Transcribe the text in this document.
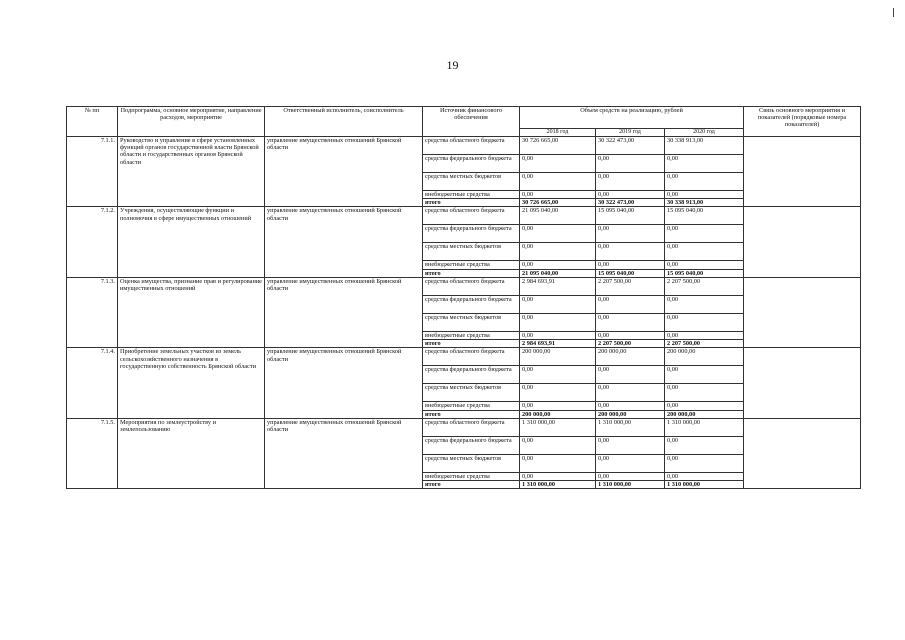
19
№ пп	Подпрограмма, основное мероприятие, направление расходов, мероприятие	Ответственный исполнитель, соисполнитель	Источник финансового обеспечения	Объем средств на реализацию, рублей			Связь основного мероприятия и показателей (порядковые номера показателей)
				2018 год	2019 год	2020 год	
7.1.1.	Руководство и управление в сфере установленных функций органов государственной власти Брянской области и государственных органов Брянской области	управление имущественных отношений Брянской области	средства областного бюджета	30 726 665,00	30 322 473,00	30 338 913,00	
			средства федерального бюджета	0,00	0,00	0,00	
			средства местных бюджетов	0,00	0,00	0,00	
			внебюджетные средства	0,00	0,00	0,00	
			итого	30 726 665,00	30 322 473,00	30 338 913,00	
7.1.2.	Учреждения, осуществляющие функции и полномочия в сфере имущественных отношений	управление имущественных отношений Брянской области	средства областного бюджета	21 095 040,00	15 095 040,00	15 095 040,00	
			средства федерального бюджета	0,00	0,00	0,00	
			средства местных бюджетов	0,00	0,00	0,00	
			внебюджетные средства	0,00	0,00	0,00	
			итого	21 095 040,00	15 095 040,00	15 095 040,00	
7.1.3.	Оценка имущества, признание прав и регулирование имущественных отношений	управление имущественных отношений Брянской области	средства областного бюджета	2 984 693,91	2 207 500,00	2 207 500,00	
			средства федерального бюджета	0,00	0,00	0,00	
			средства местных бюджетов	0,00	0,00	0,00	
			внебюджетные средства	0,00	0,00	0,00	
			итого	2 984 693,91	2 207 500,00	2 207 500,00	
7.1.4.	Приобретение земельных участков из земель сельскохозяйственного назначения в государственную собственность Брянской области	управление имущественных отношений Брянской области	средства областного бюджета	200 000,00	200 000,00	200 000,00	
			средства федерального бюджета	0,00	0,00	0,00	
			средства местных бюджетов	0,00	0,00	0,00	
			внебюджетные средства	0,00	0,00	0,00	
			итого	200 000,00	200 000,00	200 000,00	
7.1.5.	Мероприятия по землеустройству и землепользованию	управление имущественных отношений Брянской области	средства областного бюджета	1 310 000,00	1 310 000,00	1 310 000,00	
			средства федерального бюджета	0,00	0,00	0,00	
			средства местных бюджетов	0,00	0,00	0,00	
			внебюджетные средства	0,00	0,00	0,00	
			итого	1 310 000,00	1 310 000,00	1 310 000,00	
